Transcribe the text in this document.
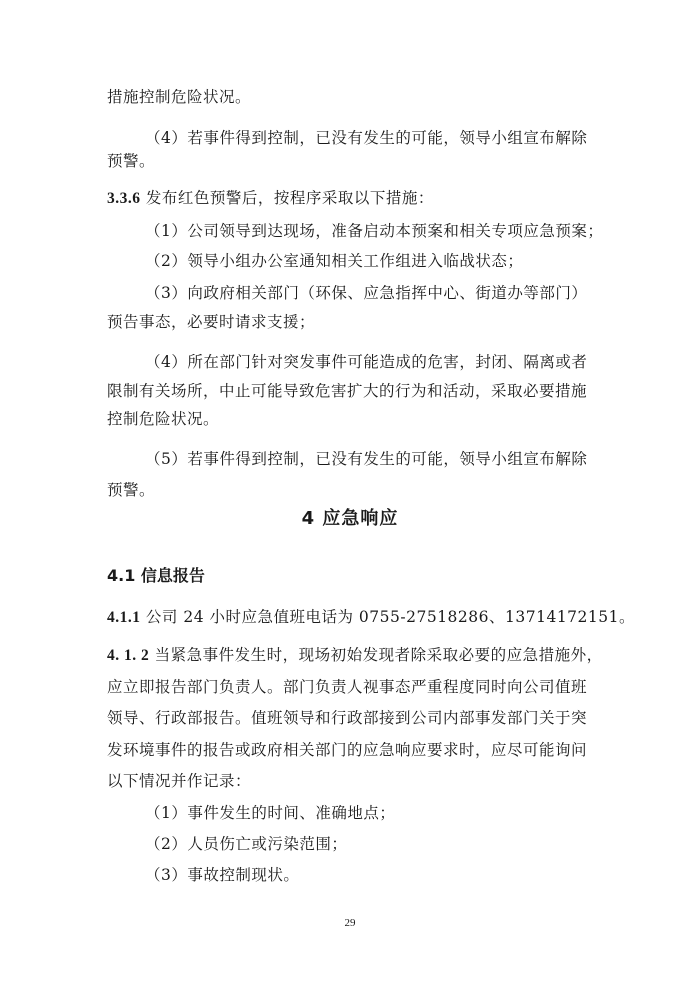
措施控制危险状况。
（4）若事件得到控制，已没有发生的可能，领导小组宣布解除
预警。
3.3.6 发布红色预警后，按程序采取以下措施：
（1）公司领导到达现场，准备启动本预案和相关专项应急预案；
（2）领导小组办公室通知相关工作组进入临战状态；
（3）向政府相关部门（环保、应急指挥中心、街道办等部门）
预告事态，必要时请求支援；
（4）所在部门针对突发事件可能造成的危害，封闭、隔离或者
限制有关场所，中止可能导致危害扩大的行为和活动，采取必要措施
控制危险状况。
（5）若事件得到控制，已没有发生的可能，领导小组宣布解除
预警。
4 应急响应
4.1 信息报告
4.1.1 公司 24 小时应急值班电话为 0755-27518286、13714172151。
4. 1. 2 当紧急事件发生时，现场初始发现者除采取必要的应急措施外，
应立即报告部门负责人。部门负责人视事态严重程度同时向公司值班
领导、行政部报告。值班领导和行政部接到公司内部事发部门关于突
发环境事件的报告或政府相关部门的应急响应要求时，应尽可能询问
以下情况并作记录：
（1）事件发生的时间、准确地点；
（2）人员伤亡或污染范围；
（3）事故控制现状。
29
